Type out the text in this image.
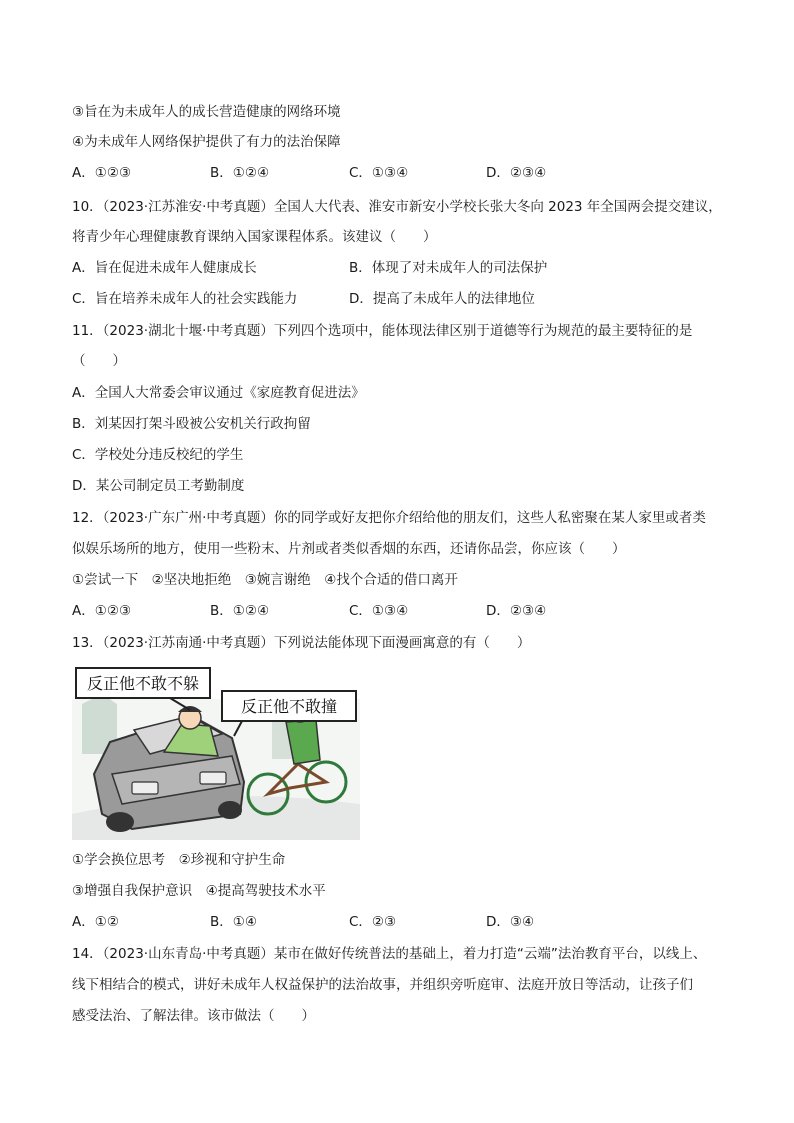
③旨在为未成年人的成长营造健康的网络环境
④为未成年人网络保护提供了有力的法治保障
A．①②③	B．①②④	C．①③④	D．②③④
10．（2023·江苏淮安·中考真题）全国人大代表、淮安市新安小学校长张大冬向 2023 年全国两会提交建议，
将青少年心理健康教育课纳入国家课程体系。该建议（　　）
A．旨在促进未成年人健康成长	B．体现了对未成年人的司法保护
C．旨在培养未成年人的社会实践能力	D．提高了未成年人的法律地位
11．（2023·湖北十堰·中考真题）下列四个选项中，能体现法律区别于道德等行为规范的最主要特征的是
（　　）
A．全国人大常委会审议通过《家庭教育促进法》
B．刘某因打架斗殴被公安机关行政拘留
C．学校处分违反校纪的学生
D．某公司制定员工考勤制度
12．（2023·广东广州·中考真题）你的同学或好友把你介绍给他的朋友们，这些人私密聚在某人家里或者类
似娱乐场所的地方，使用一些粉末、片剂或者类似香烟的东西，还请你品尝，你应该（　　）
①尝试一下　②坚决地拒绝　③婉言谢绝　④找个合适的借口离开
A．①②③	B．①②④	C．①③④	D．②③④
13．（2023·江苏南通·中考真题）下列说法能体现下面漫画寓意的有（　　）
反正他不敢不躲
反正他不敢撞
①学会换位思考　②珍视和守护生命
③增强自我保护意识　④提高驾驶技术水平
A．①②	B．①④	C．②③	D．③④
14．（2023·山东青岛·中考真题）某市在做好传统普法的基础上，着力打造“云端”法治教育平台，以线上、
线下相结合的模式，讲好未成年人权益保护的法治故事，并组织旁听庭审、法庭开放日等活动，让孩子们
感受法治、了解法律。该市做法（　　）
